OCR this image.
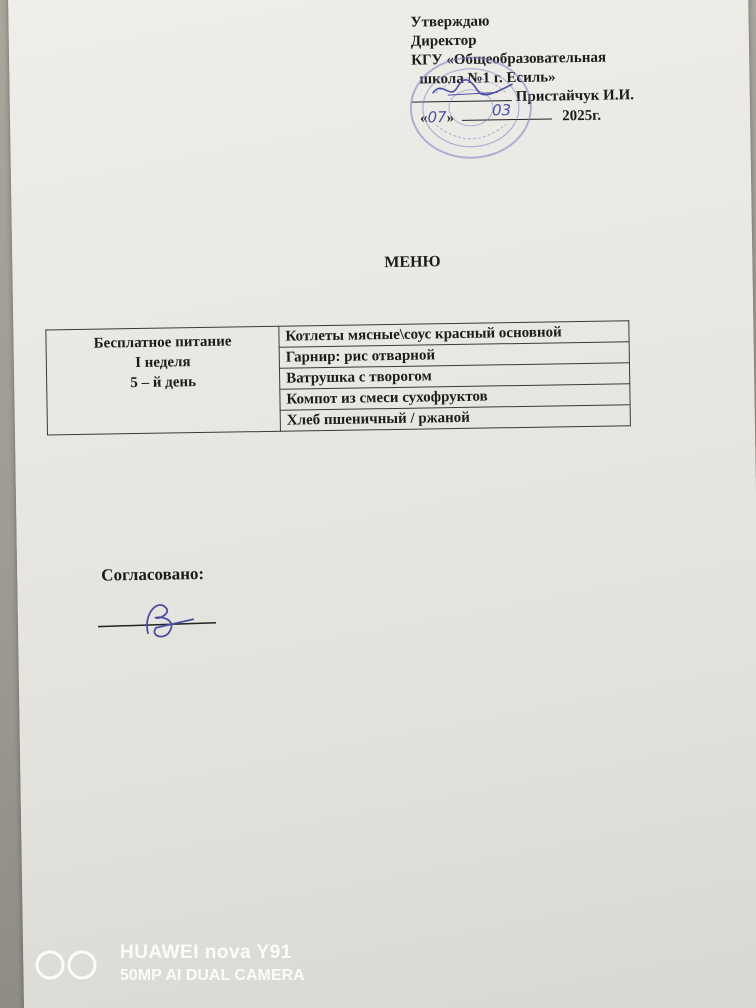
Утверждаю
Директор
КГУ «Общеобразовательная
школа №1 г. Есиль»
Пристайчук И.И.
«07»	03	2025г.
МЕНЮ
Бесплатное питание
I неделя
5 – й день
	Котлеты мясные\соус красный основной
Гарнир: рис отварной
Ватрушка с творогом
Компот из смеси сухофруктов
Хлеб пшеничный / ржаной
Согласовано:
HUAWEI nova Y91
50MP AI DUAL CAMERA
